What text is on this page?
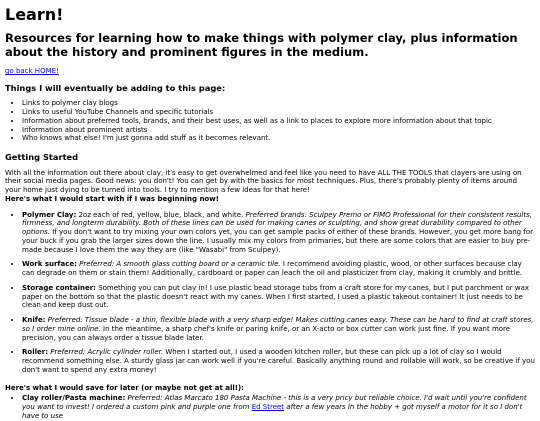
Learn!
Resources for learning how to make things with polymer clay, plus information about the history and prominent figures in the medium.

go back HOME!

Things I will eventually be adding to this page:
• Links to polymer clay blogs
• Links to useful YouTube Channels and specific tutorials
• Information about preferred tools, brands, and their best uses, as well as a link to places to explore more information about that topic
• Information about prominent artists
• Who knows what else! I'm just gonna add stuff as it becomes relevant.
Getting Started

With all the information out there about clay, it's easy to get overwhelmed and feel like you need to have ALL THE TOOLS that clayers are using on their social media pages. Good news: you don't! You can get by with the basics for most techniques. Plus, there's probably plenty of items around your home just dying to be turned into tools. I try to mention a few ideas for that here!
Here's what I would start with if I was beginning now!

• Polymer Clay: 2oz each of red, yellow, blue, black, and white. Preferred brands: Sculpey Premo or FIMO Professional for their consistent results, firmness, and longterm durability. Both of these lines can be used for making canes or sculpting, and show great durability compared to other options. If you don't want to try mixing your own colors yet, you can get sample packs of either of these brands. However, you get more bang for your buck if you grab the larger sizes down the line. I usually mix my colors from primaries, but there are some colors that are easier to buy pre-made because I love them the way they are (like "Wasabi" from Sculpey).
• Work surface: Preferred: A smooth glass cutting board or a ceramic tile. I recommend avoiding plastic, wood, or other surfaces because clay can degrade on them or stain them! Additionally, cardboard or paper can leach the oil and plasticizer from clay, making it crumbly and brittle.
• Storage container: Something you can put clay in! I use plastic bead storage tubs from a craft store for my canes, but I put parchment or wax paper on the bottom so that the plastic doesn't react with my canes. When I first started, I used a plastic takeout container! It just needs to be clean and keep dust out.
• Knife: Preferred: Tissue blade - a thin, flexible blade with a very sharp edge! Makes cutting canes easy. These can be hard to find at craft stores, so I order mine online. In the meantime, a sharp chef's knife or paring knife, or an X-acto or box cutter can work just fine. If you want more precision, you can always order a tissue blade later.
• Roller: Preferred: Acrylic cylinder roller. When I started out, I used a wooden kitchen roller, but these can pick up a lot of clay so I would recommend something else. A sturdy glass jar can work well if you're careful. Basically anything round and rollable will work, so be creative if you don't want to spend any extra money!

Here's what I would save for later (or maybe not get at all!):

• Clay roller/Pasta machine: Preferred: Atlas Marcato 180 Pasta Machine - this is a very pricy but reliable choice. I'd wait until you're confident you want to invest! I ordered a custom pink and purple one from Ed Street after a few years in the hobby + got myself a motor for it so I don't have to use
